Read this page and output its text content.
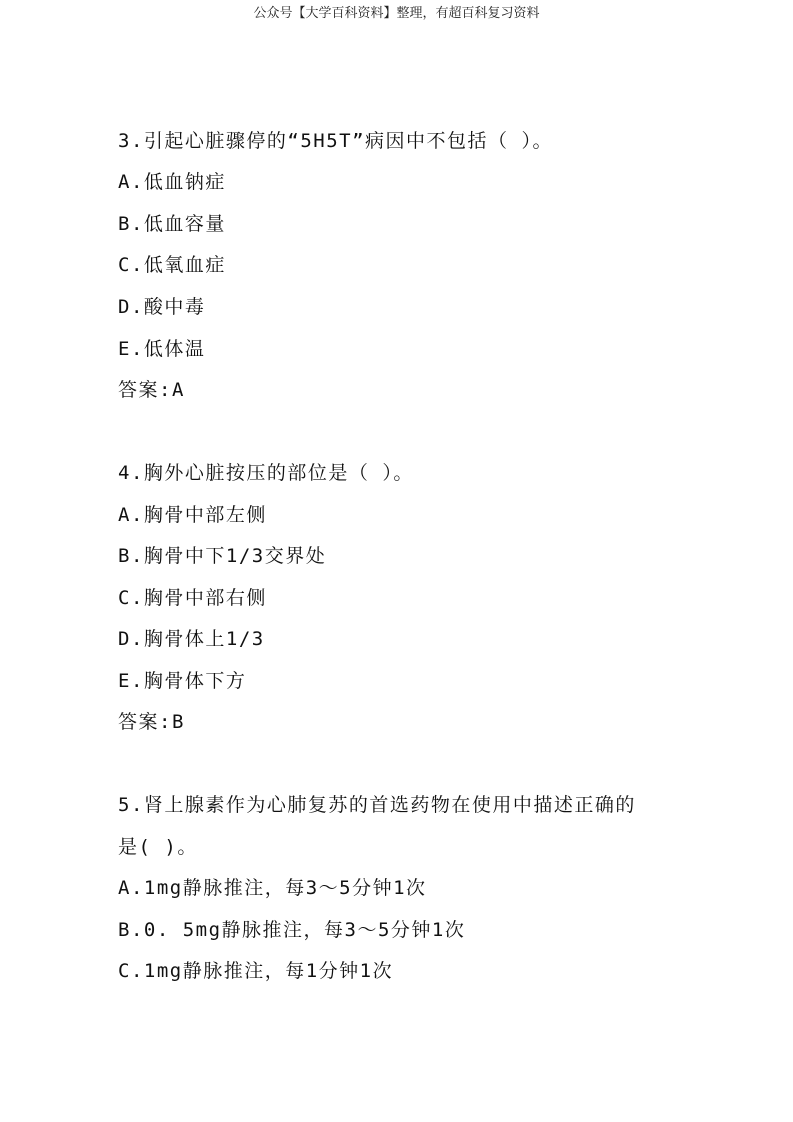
公众号【大学百科资料】整理，有超百科复习资料
3.引起心脏骤停的“5H5T”病因中不包括（ ）。
A.低血钠症
B.低血容量
C.低氧血症
D.酸中毒
E.低体温
答案:A
4.胸外心脏按压的部位是（ ）。
A.胸骨中部左侧
B.胸骨中下1/3交界处
C.胸骨中部右侧
D.胸骨体上1/3
E.胸骨体下方
答案:B
5.肾上腺素作为心肺复苏的首选药物在使用中描述正确的
是( )。
A.1mg静脉推注，每3～5分钟1次
B.0. 5mg静脉推注，每3～5分钟1次
C.1mg静脉推注，每1分钟1次
